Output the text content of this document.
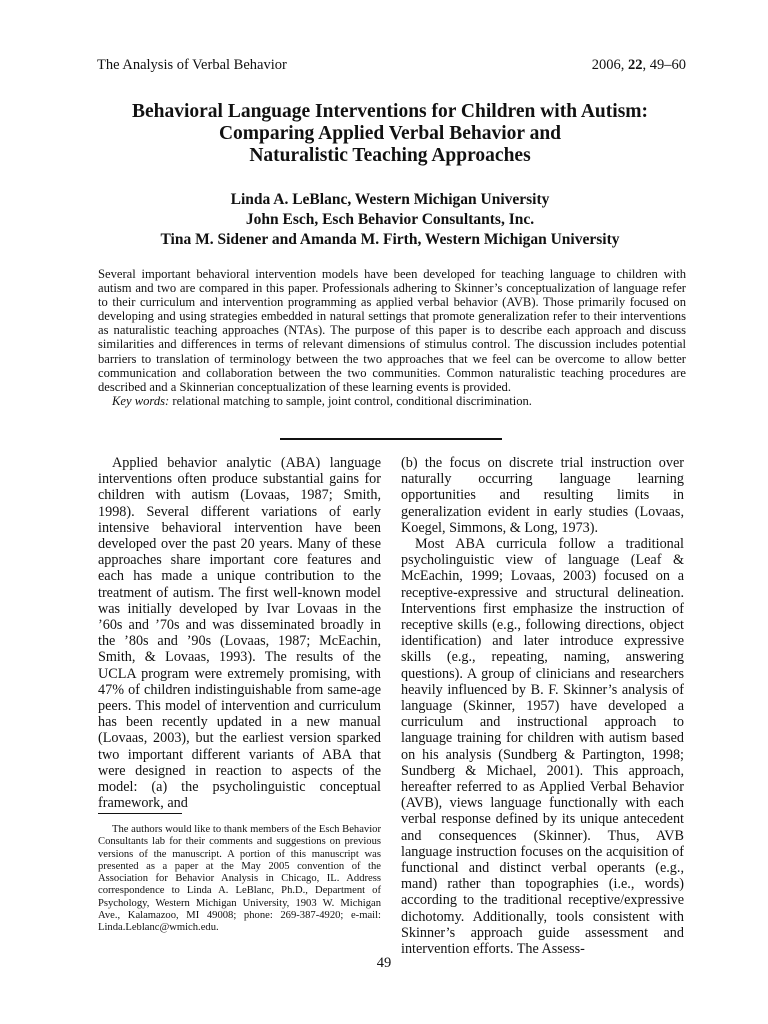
The Analysis of Verbal Behavior	2006, 22, 49–60
Behavioral Language Interventions for Children with Autism:
Comparing Applied Verbal Behavior and
Naturalistic Teaching Approaches
Linda A. LeBlanc, Western Michigan University
John Esch, Esch Behavior Consultants, Inc.
Tina M. Sidener and Amanda M. Firth, Western Michigan University

Several important behavioral intervention models have been developed for teaching language to children with autism and two are compared in this paper. Professionals adhering to Skinner’s conceptualization of language refer to their curriculum and intervention programming as applied verbal behavior (AVB). Those primarily focused on developing and using strategies embedded in natural settings that promote generalization refer to their interventions as naturalistic teaching approaches (NTAs). The purpose of this paper is to describe each approach and discuss similarities and differences in terms of relevant dimensions of stimulus control. The discussion includes potential barriers to translation of terminology between the two approaches that we feel can be overcome to allow better communication and collaboration between the two communities. Common naturalistic teaching procedures are described and a Skinnerian conceptualization of these learning events is provided.

Key words: relational matching to sample, joint control, conditional discrimination.

Applied behavior analytic (ABA) language interventions often produce substantial gains for children with autism (Lovaas, 1987; Smith, 1998). Several different variations of early intensive behavioral intervention have been developed over the past 20 years. Many of these approaches share important core features and each has made a unique contribution to the treatment of autism. The first well-known model was initially developed by Ivar Lovaas in the ’60s and ’70s and was disseminated broadly in the ’80s and ’90s (Lovaas, 1987; McEachin, Smith, & Lovaas, 1993). The results of the UCLA program were extremely promising, with 47% of children indistinguishable from same-age peers. This model of intervention and curriculum has been recently updated in a new manual (Lovaas, 2003), but the earliest version sparked two important different variants of ABA that were designed in reaction to aspects of the model: (a) the psycholinguistic conceptual framework, and

(b) the focus on discrete trial instruction over naturally occurring language learning opportunities and resulting limits in generalization evident in early studies (Lovaas, Koegel, Simmons, & Long, 1973).

Most ABA curricula follow a traditional psycholinguistic view of language (Leaf & McEachin, 1999; Lovaas, 2003) focused on a receptive-expressive and structural delineation. Interventions first emphasize the instruction of receptive skills (e.g., following directions, object identification) and later introduce expressive skills (e.g., repeating, naming, answering questions). A group of clinicians and researchers heavily influenced by B. F. Skinner’s analysis of language (Skinner, 1957) have developed a curriculum and instructional approach to language training for children with autism based on his analysis (Sundberg & Partington, 1998; Sundberg & Michael, 2001). This approach, hereafter referred to as Applied Verbal Behavior (AVB), views language functionally with each verbal response defined by its unique antecedent and consequences (Skinner). Thus, AVB language instruction focuses on the acquisition of functional and distinct verbal operants (e.g., mand) rather than topographies (i.e., words) according to the traditional receptive/expressive dichotomy. Additionally, tools consistent with Skinner’s approach guide assessment and intervention efforts. The Assess-

The authors would like to thank members of the Esch Behavior Consultants lab for their comments and suggestions on previous versions of the manuscript. A portion of this manuscript was presented as a paper at the May 2005 convention of the Association for Behavior Analysis in Chicago, IL. Address correspondence to Linda A. LeBlanc, Ph.D., Department of Psychology, Western Michigan University, 1903 W. Michigan Ave., Kalamazoo, MI 49008; phone: 269-387-4920; e-mail: Linda.Leblanc@wmich.edu.
49
